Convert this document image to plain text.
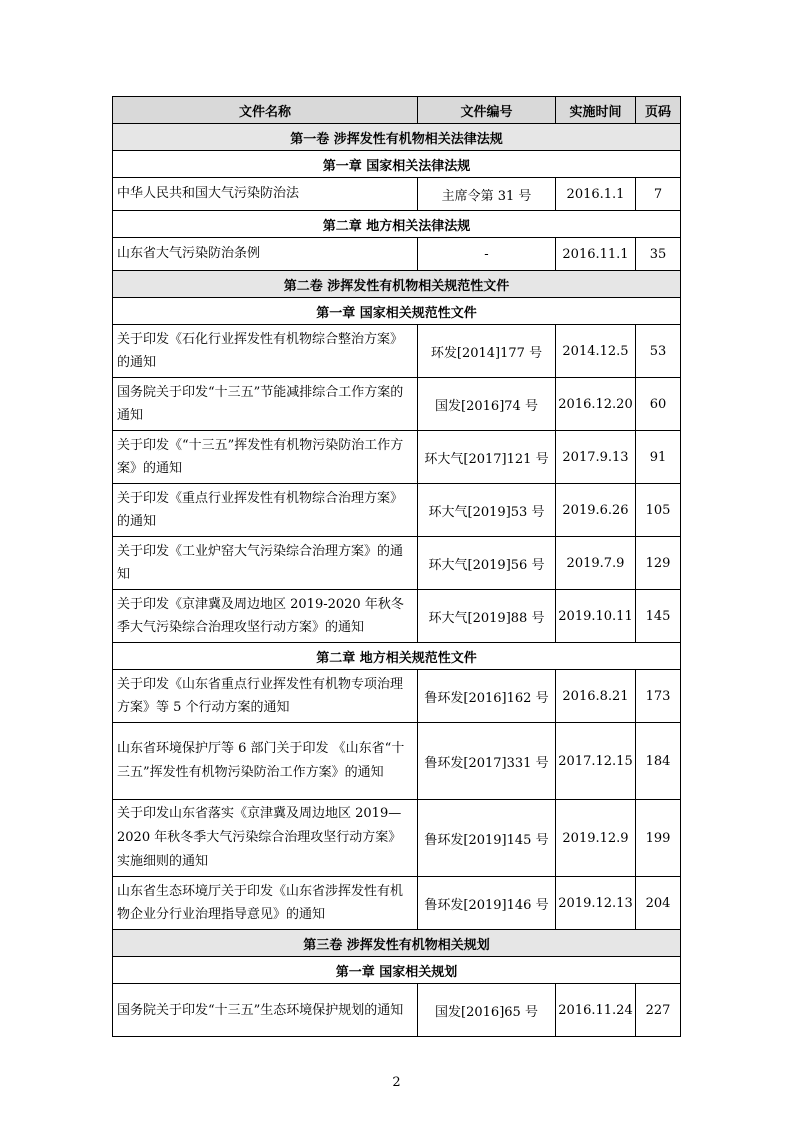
文件名称	文件编号	实施时间	页码
第一卷 涉挥发性有机物相关法律法规			
第一章 国家相关法律法规			
中华人民共和国大气污染防治法	主席令第 31 号	2016.1.1	7
第二章 地方相关法律法规			
山东省大气污染防治条例	-	2016.11.1	35
第二卷 涉挥发性有机物相关规范性文件			
第一章 国家相关规范性文件			
关于印发《石化行业挥发性有机物综合整治方案》的通知	环发[2014]177 号	2014.12.5	53
国务院关于印发“十三五”节能减排综合工作方案的通知	国发[2016]74 号	2016.12.20	60
关于印发《“十三五”挥发性有机物污染防治工作方案》的通知	环大气[2017]121 号	2017.9.13	91
关于印发《重点行业挥发性有机物综合治理方案》的通知	环大气[2019]53 号	2019.6.26	105
关于印发《工业炉窑大气污染综合治理方案》的通知	环大气[2019]56 号	2019.7.9	129
关于印发《京津冀及周边地区 2019-2020 年秋冬季大气污染综合治理攻坚行动方案》的通知	环大气[2019]88 号	2019.10.11	145
第二章 地方相关规范性文件			
关于印发《山东省重点行业挥发性有机物专项治理方案》等 5 个行动方案的通知	鲁环发[2016]162 号	2016.8.21	173
山东省环境保护厅等 6 部门关于印发 《山东省“十三五”挥发性有机物污染防治工作方案》的通知	鲁环发[2017]331 号	2017.12.15	184
关于印发山东省落实《京津冀及周边地区 2019—2020 年秋冬季大气污染综合治理攻坚行动方案》实施细则的通知	鲁环发[2019]145 号	2019.12.9	199
山东省生态环境厅关于印发《山东省涉挥发性有机物企业分行业治理指导意见》的通知	鲁环发[2019]146 号	2019.12.13	204
第三卷 涉挥发性有机物相关规划			
第一章 国家相关规划			
国务院关于印发“十三五”生态环境保护规划的通知	国发[2016]65 号	2016.11.24	227
2
